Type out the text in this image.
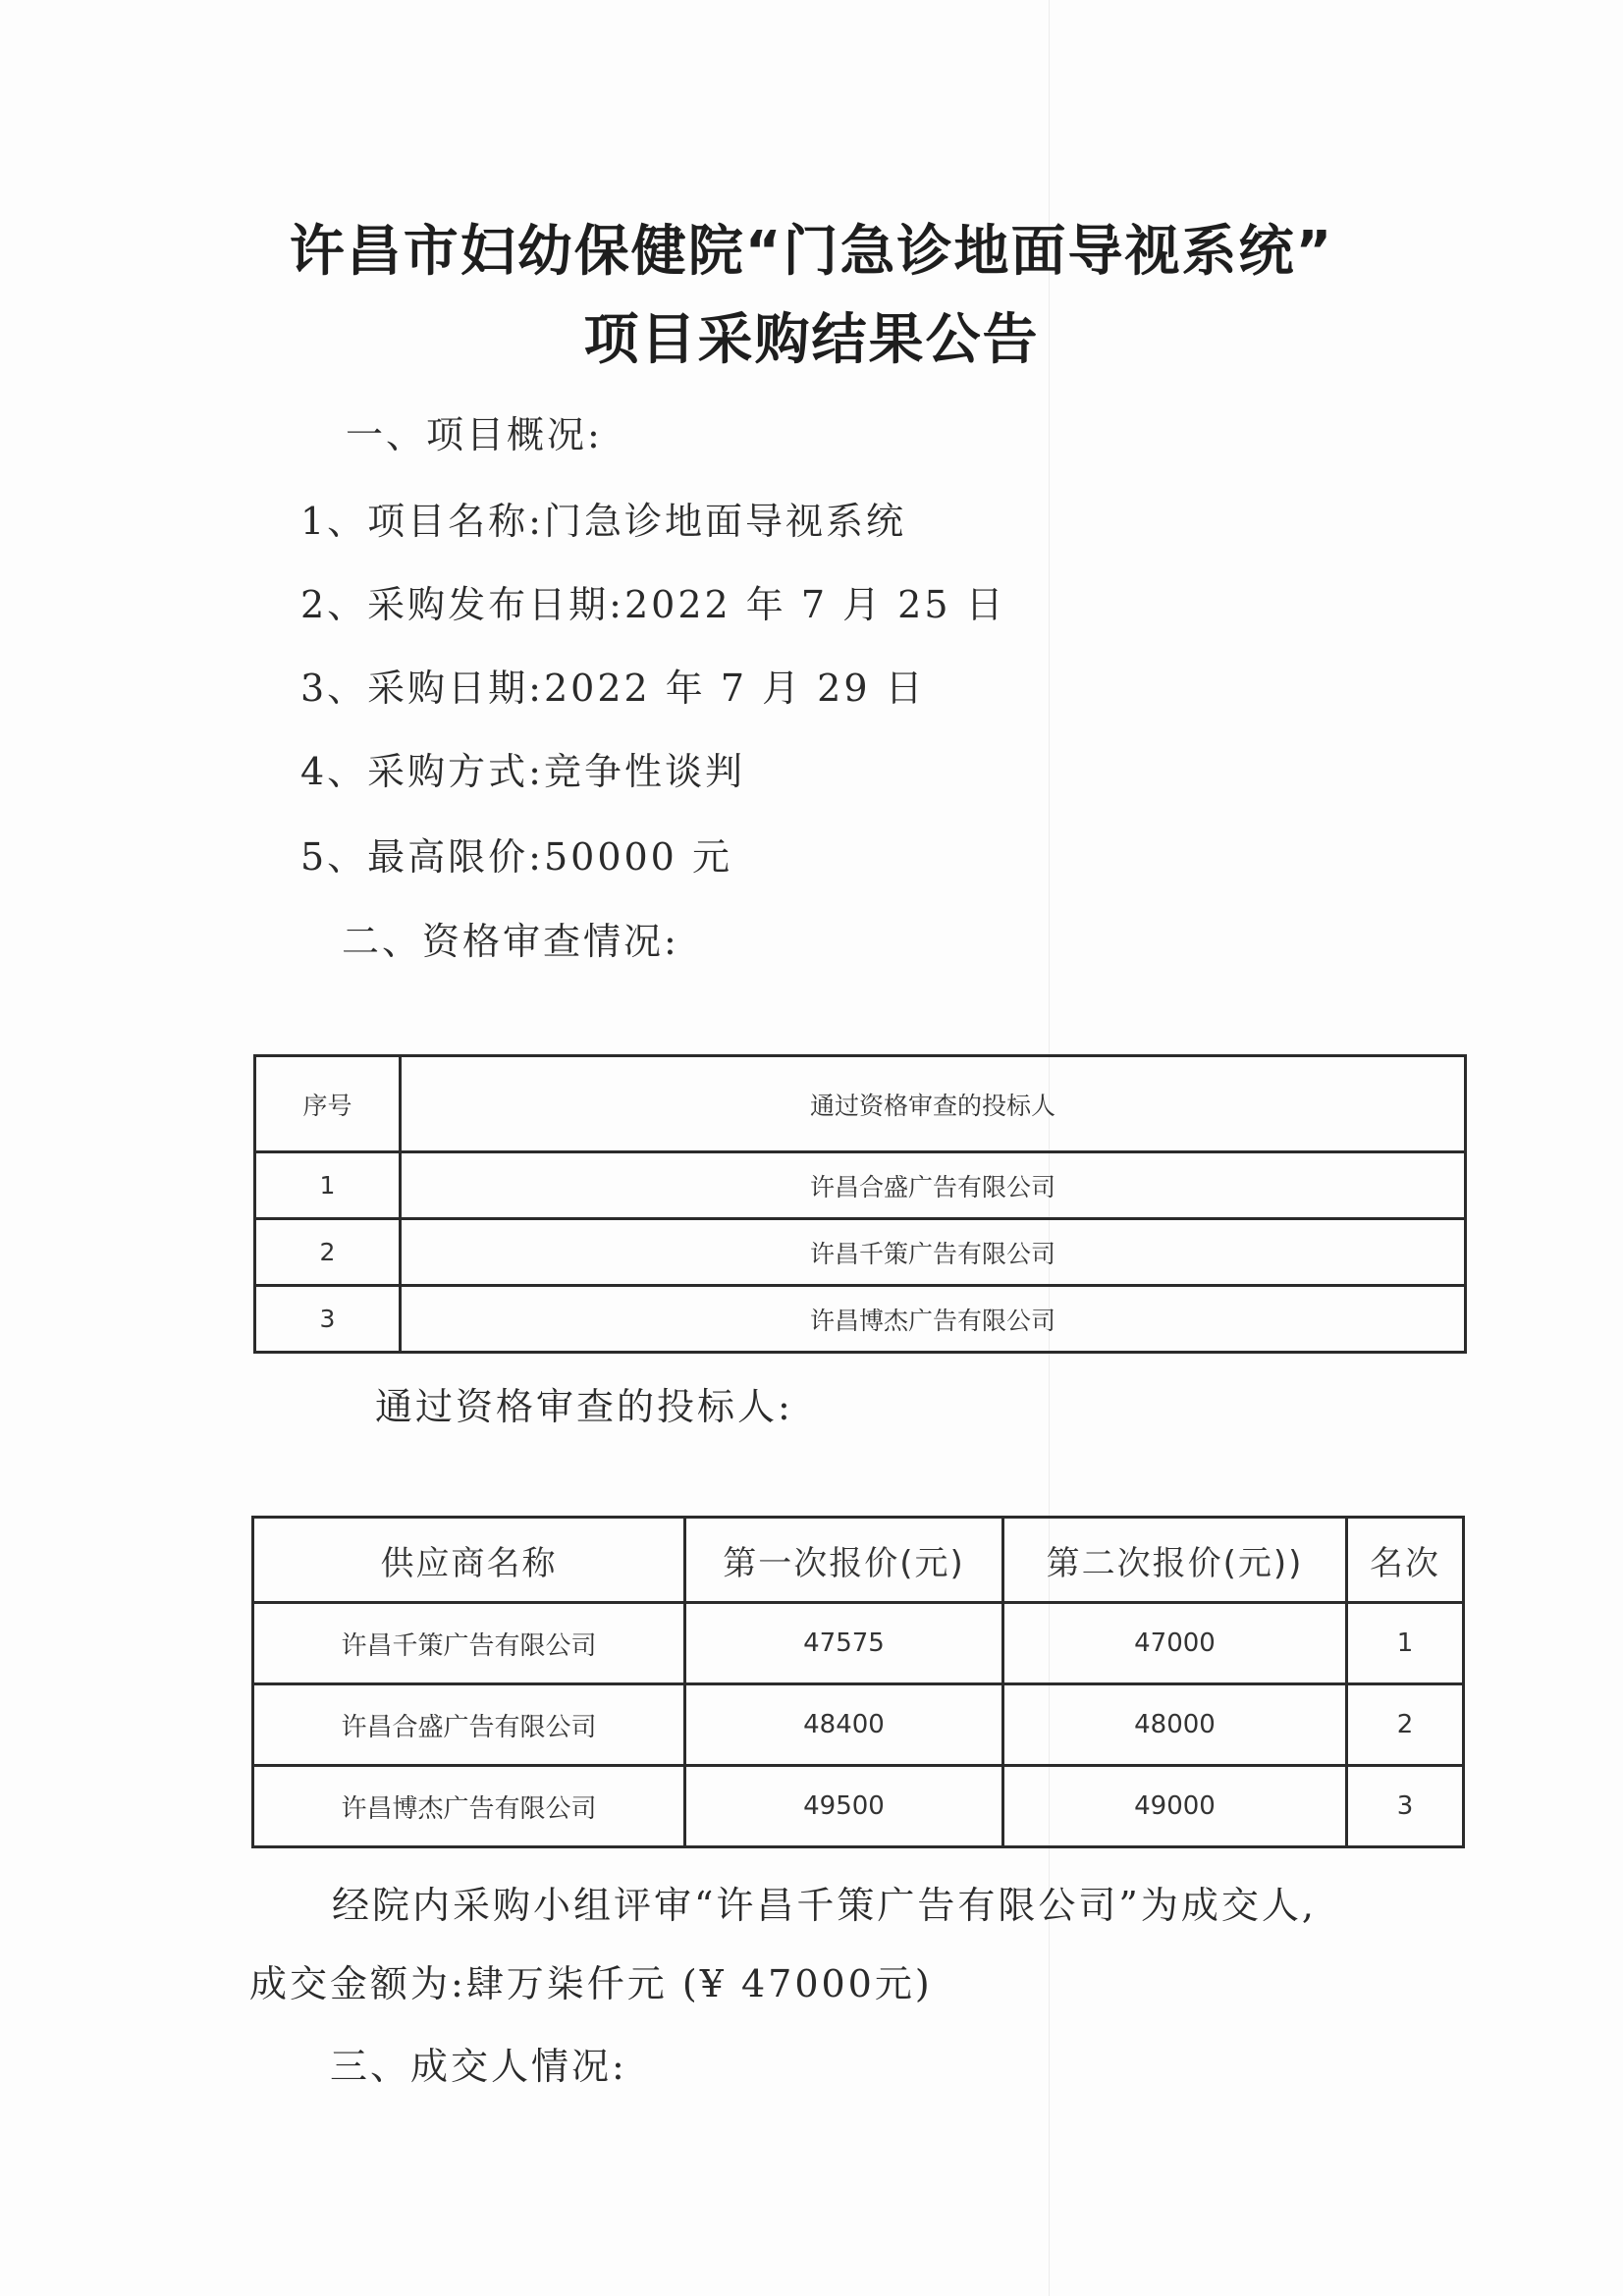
许昌市妇幼保健院“门急诊地面导视系统”
项目采购结果公告
一、项目概况:
1、项目名称:门急诊地面导视系统
2、采购发布日期:2022 年 7 月 25 日
3、采购日期:2022 年 7 月 29 日
4、采购方式:竞争性谈判
5、最高限价:50000 元
二、资格审查情况:
序号	通过资格审查的投标人
1	许昌合盛广告有限公司
2	许昌千策广告有限公司
3	许昌博杰广告有限公司
通过资格审查的投标人:
供应商名称	第一次报价(元)	第二次报价(元))	名次
许昌千策广告有限公司	47575	47000	1
许昌合盛广告有限公司	48400	48000	2
许昌博杰广告有限公司	49500	49000	3
经院内采购小组评审“许昌千策广告有限公司”为成交人,
成交金额为:肆万柒仟元 (¥ 47000元)
三、成交人情况:
